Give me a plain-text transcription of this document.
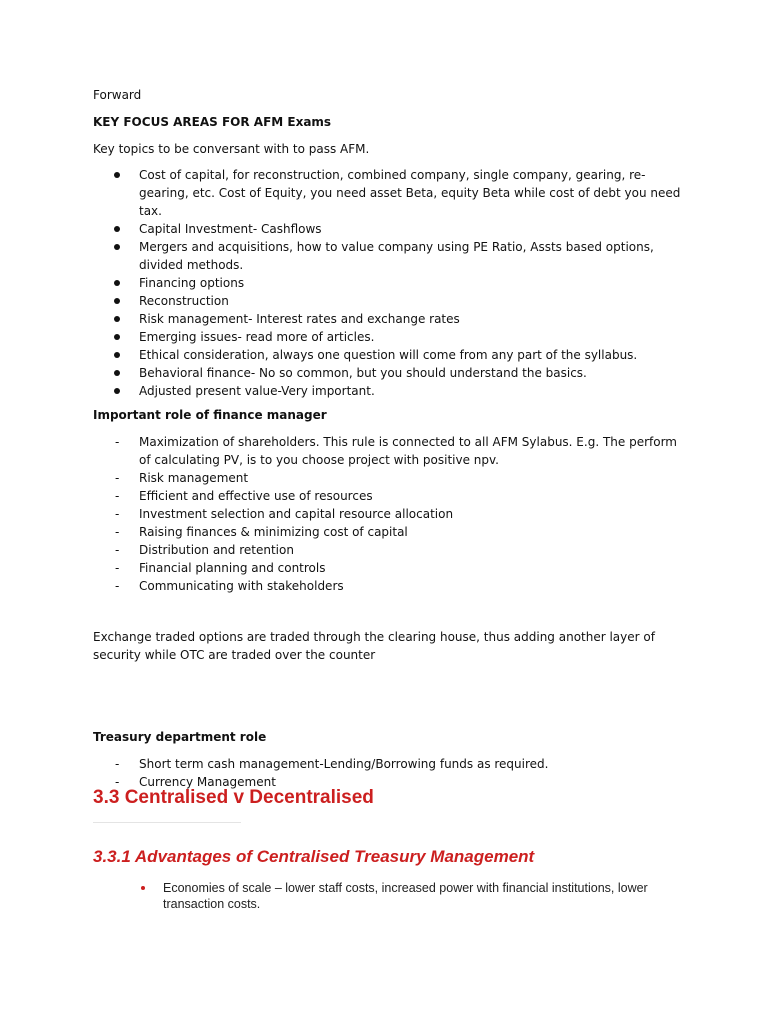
Forward

KEY FOCUS AREAS FOR AFM Exams

Key topics to be conversant with to pass AFM.

Cost of capital, for reconstruction, combined company, single company, gearing, re-gearing, etc. Cost of Equity, you need asset Beta, equity Beta while cost of debt you need tax.
Capital Investment- Cashflows
Mergers and acquisitions, how to value company using PE Ratio, Assts based options, divided methods.
Financing options
Reconstruction
Risk management- Interest rates and exchange rates
Emerging issues- read more of articles.
Ethical consideration, always one question will come from any part of the syllabus.
Behavioral finance- No so common, but you should understand the basics.
Adjusted present value-Very important.

Important role of finance manager

- Maximization of shareholders. This rule is connected to all AFM Sylabus. E.g. The perform of calculating PV, is to you choose project with positive npv.
- Risk management
- Efficient and effective use of resources
- Investment selection and capital resource allocation
- Raising finances & minimizing cost of capital
- Distribution and retention
- Financial planning and controls
- Communicating with stakeholders

Exchange traded options are traded through the clearing house, thus adding another layer of security while OTC are traded over the counter

Treasury department role

- Short term cash management-Lending/Borrowing funds as required.
- Currency Management
3.3 Centralised v Decentralised
3.3.1 Advantages of Centralised Treasury Management
Economies of scale – lower staff costs, increased power with financial institutions, lower transaction costs.
